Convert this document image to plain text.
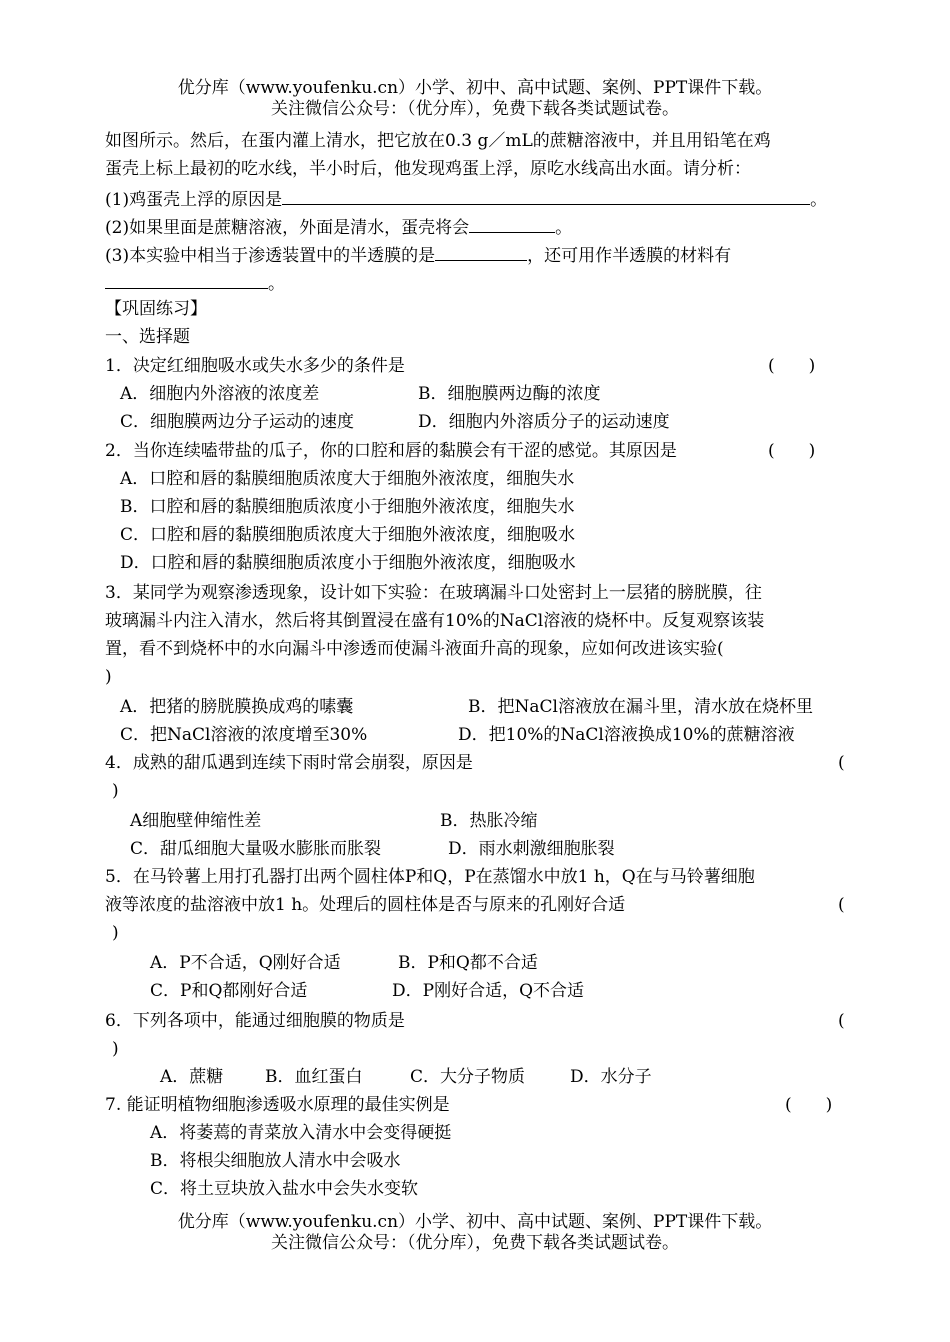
优分库（www.youfenku.cn）小学、初中、高中试题、案例、PPT课件下载。
关注微信公众号：（优分库），免费下载各类试题试卷。
如图所示。然后，在蛋内灌上清水，把它放在0.3 g／mL的蔗糖溶液中，并且用铅笔在鸡
蛋壳上标上最初的吃水线，半小时后，他发现鸡蛋上浮，原吃水线高出水面。请分析：
(1)鸡蛋壳上浮的原因是	。
(2)如果里面是蔗糖溶液，外面是清水，蛋壳将会	。
(3)本实验中相当于渗透装置中的半透膜的是	，还可用作半透膜的材料有
。
【巩固练习】
一、选择题
1．决定红细胞吸水或失水多少的条件是	(　　)
A．细胞内外溶液的浓度差	B．细胞膜两边酶的浓度
C．细胞膜两边分子运动的速度	D．细胞内外溶质分子的运动速度
2．当你连续嗑带盐的瓜子，你的口腔和唇的黏膜会有干涩的感觉。其原因是	(　　)
A．口腔和唇的黏膜细胞质浓度大于细胞外液浓度，细胞失水
B．口腔和唇的黏膜细胞质浓度小于细胞外液浓度，细胞失水
C．口腔和唇的黏膜细胞质浓度大于细胞外液浓度，细胞吸水
D．口腔和唇的黏膜细胞质浓度小于细胞外液浓度，细胞吸水
3．某同学为观察渗透现象，设计如下实验：在玻璃漏斗口处密封上一层猪的膀胱膜，往
玻璃漏斗内注入清水，然后将其倒置浸在盛有10%的NaCl溶液的烧杯中。反复观察该装
置，看不到烧杯中的水向漏斗中渗透而使漏斗液面升高的现象，应如何改进该实验(
)
A．把猪的膀胱膜换成鸡的嗉囊	B．把NaCl溶液放在漏斗里，清水放在烧杯里
C．把NaCl溶液的浓度增至30%	D．把10%的NaCl溶液换成10%的蔗糖溶液
4．成熟的甜瓜遇到连续下雨时常会崩裂，原因是	(
)
A细胞壁伸缩性差	B．热胀冷缩
C．甜瓜细胞大量吸水膨胀而胀裂	D．雨水刺激细胞胀裂
5．在马铃薯上用打孔器打出两个圆柱体P和Q，P在蒸馏水中放1 h，Q在与马铃薯细胞
液等浓度的盐溶液中放1 h。处理后的圆柱体是否与原来的孔刚好合适	(
)
A．P不合适，Q刚好合适	B．P和Q都不合适
C．P和Q都刚好合适	D．P刚好合适，Q不合适
6．下列各项中，能通过细胞膜的物质是	(
)
A．蔗糖 B．血红蛋白	C．大分子物质	D．水分子
7. 能证明植物细胞渗透吸水原理的最佳实例是	(　　)
A．将萎蔫的青菜放入清水中会变得硬挺
B．将根尖细胞放人清水中会吸水
C．将土豆块放入盐水中会失水变软
优分库（www.youfenku.cn）小学、初中、高中试题、案例、PPT课件下载。
关注微信公众号：（优分库），免费下载各类试题试卷。
